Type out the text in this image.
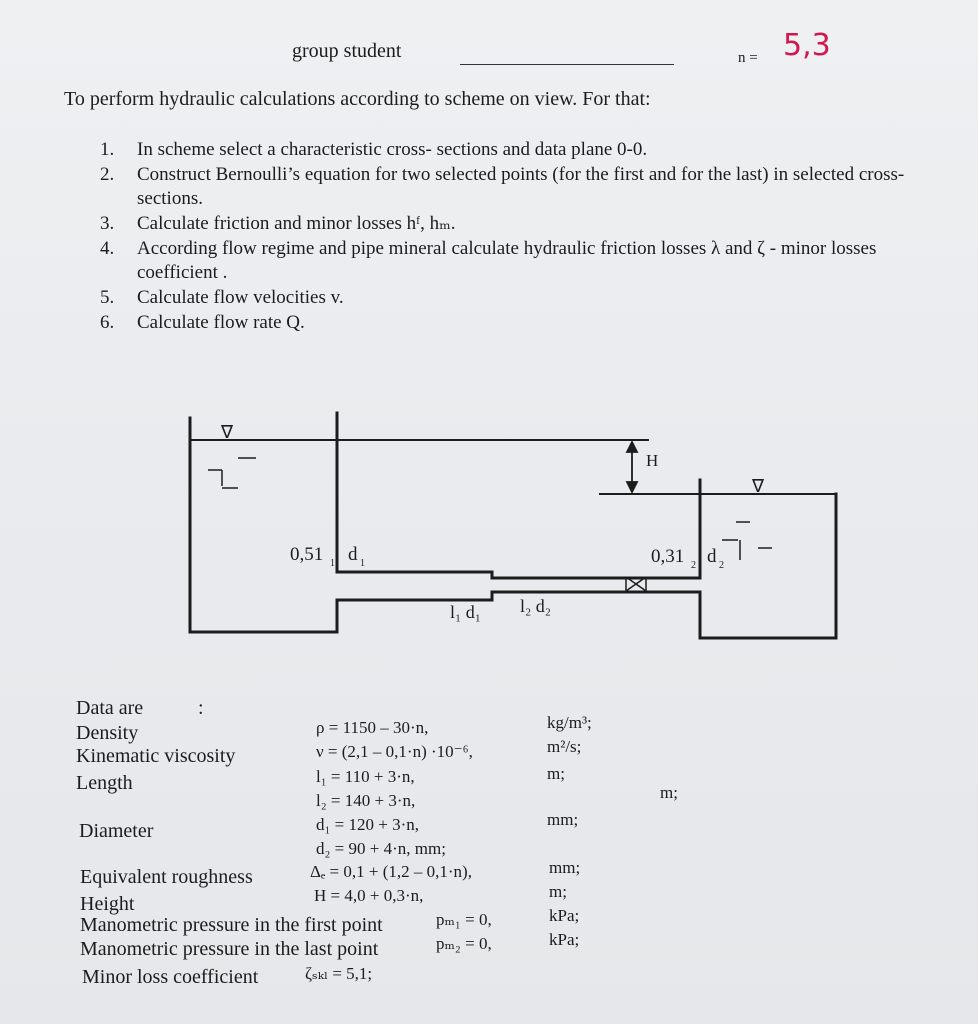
group student	n = 5,3
To perform hydraulic calculations according to scheme on view. For that:
1. In scheme select a characteristic cross- sections and data plane 0-0.
2. Construct Bernoulli’s equation for two selected points (for the first and for the last) in selected cross- sections.
3. Calculate friction and minor losses hᶠ, hₘ.
4. According flow regime and pipe mineral calculate hydraulic friction losses λ and ζ - minor losses coefficient .
5. Calculate flow velocities v.
6. Calculate flow rate Q.
∇
∇
H
0,51 1 d 1	0,31 2 d 2
l₁ d₁ l₂ d₂
Data are	:
Density	ρ = 1150 – 30·n,	kg/m³;
Kinematic viscosity	ν = (2,1 – 0,1·n) ·10⁻⁶,	m²/s;
Length	l₁ = 110 + 3·n,	m;
l₂ = 140 + 3·n,	m;
Diameter	d₁ = 120 + 3·n,	mm;
d₂ = 90 + 4·n, mm;
Equivalent roughness	Δₑ = 0,1 + (1,2 – 0,1·n),	mm;
Height	H = 4,0 + 0,3·n,	m;
Manometric pressure in the first point	pₘ₁ = 0,	kPa;
Manometric pressure in the last point	pₘ₂ = 0,	kPa;
Minor loss coefficient	ζₛₖₗ = 5,1;
